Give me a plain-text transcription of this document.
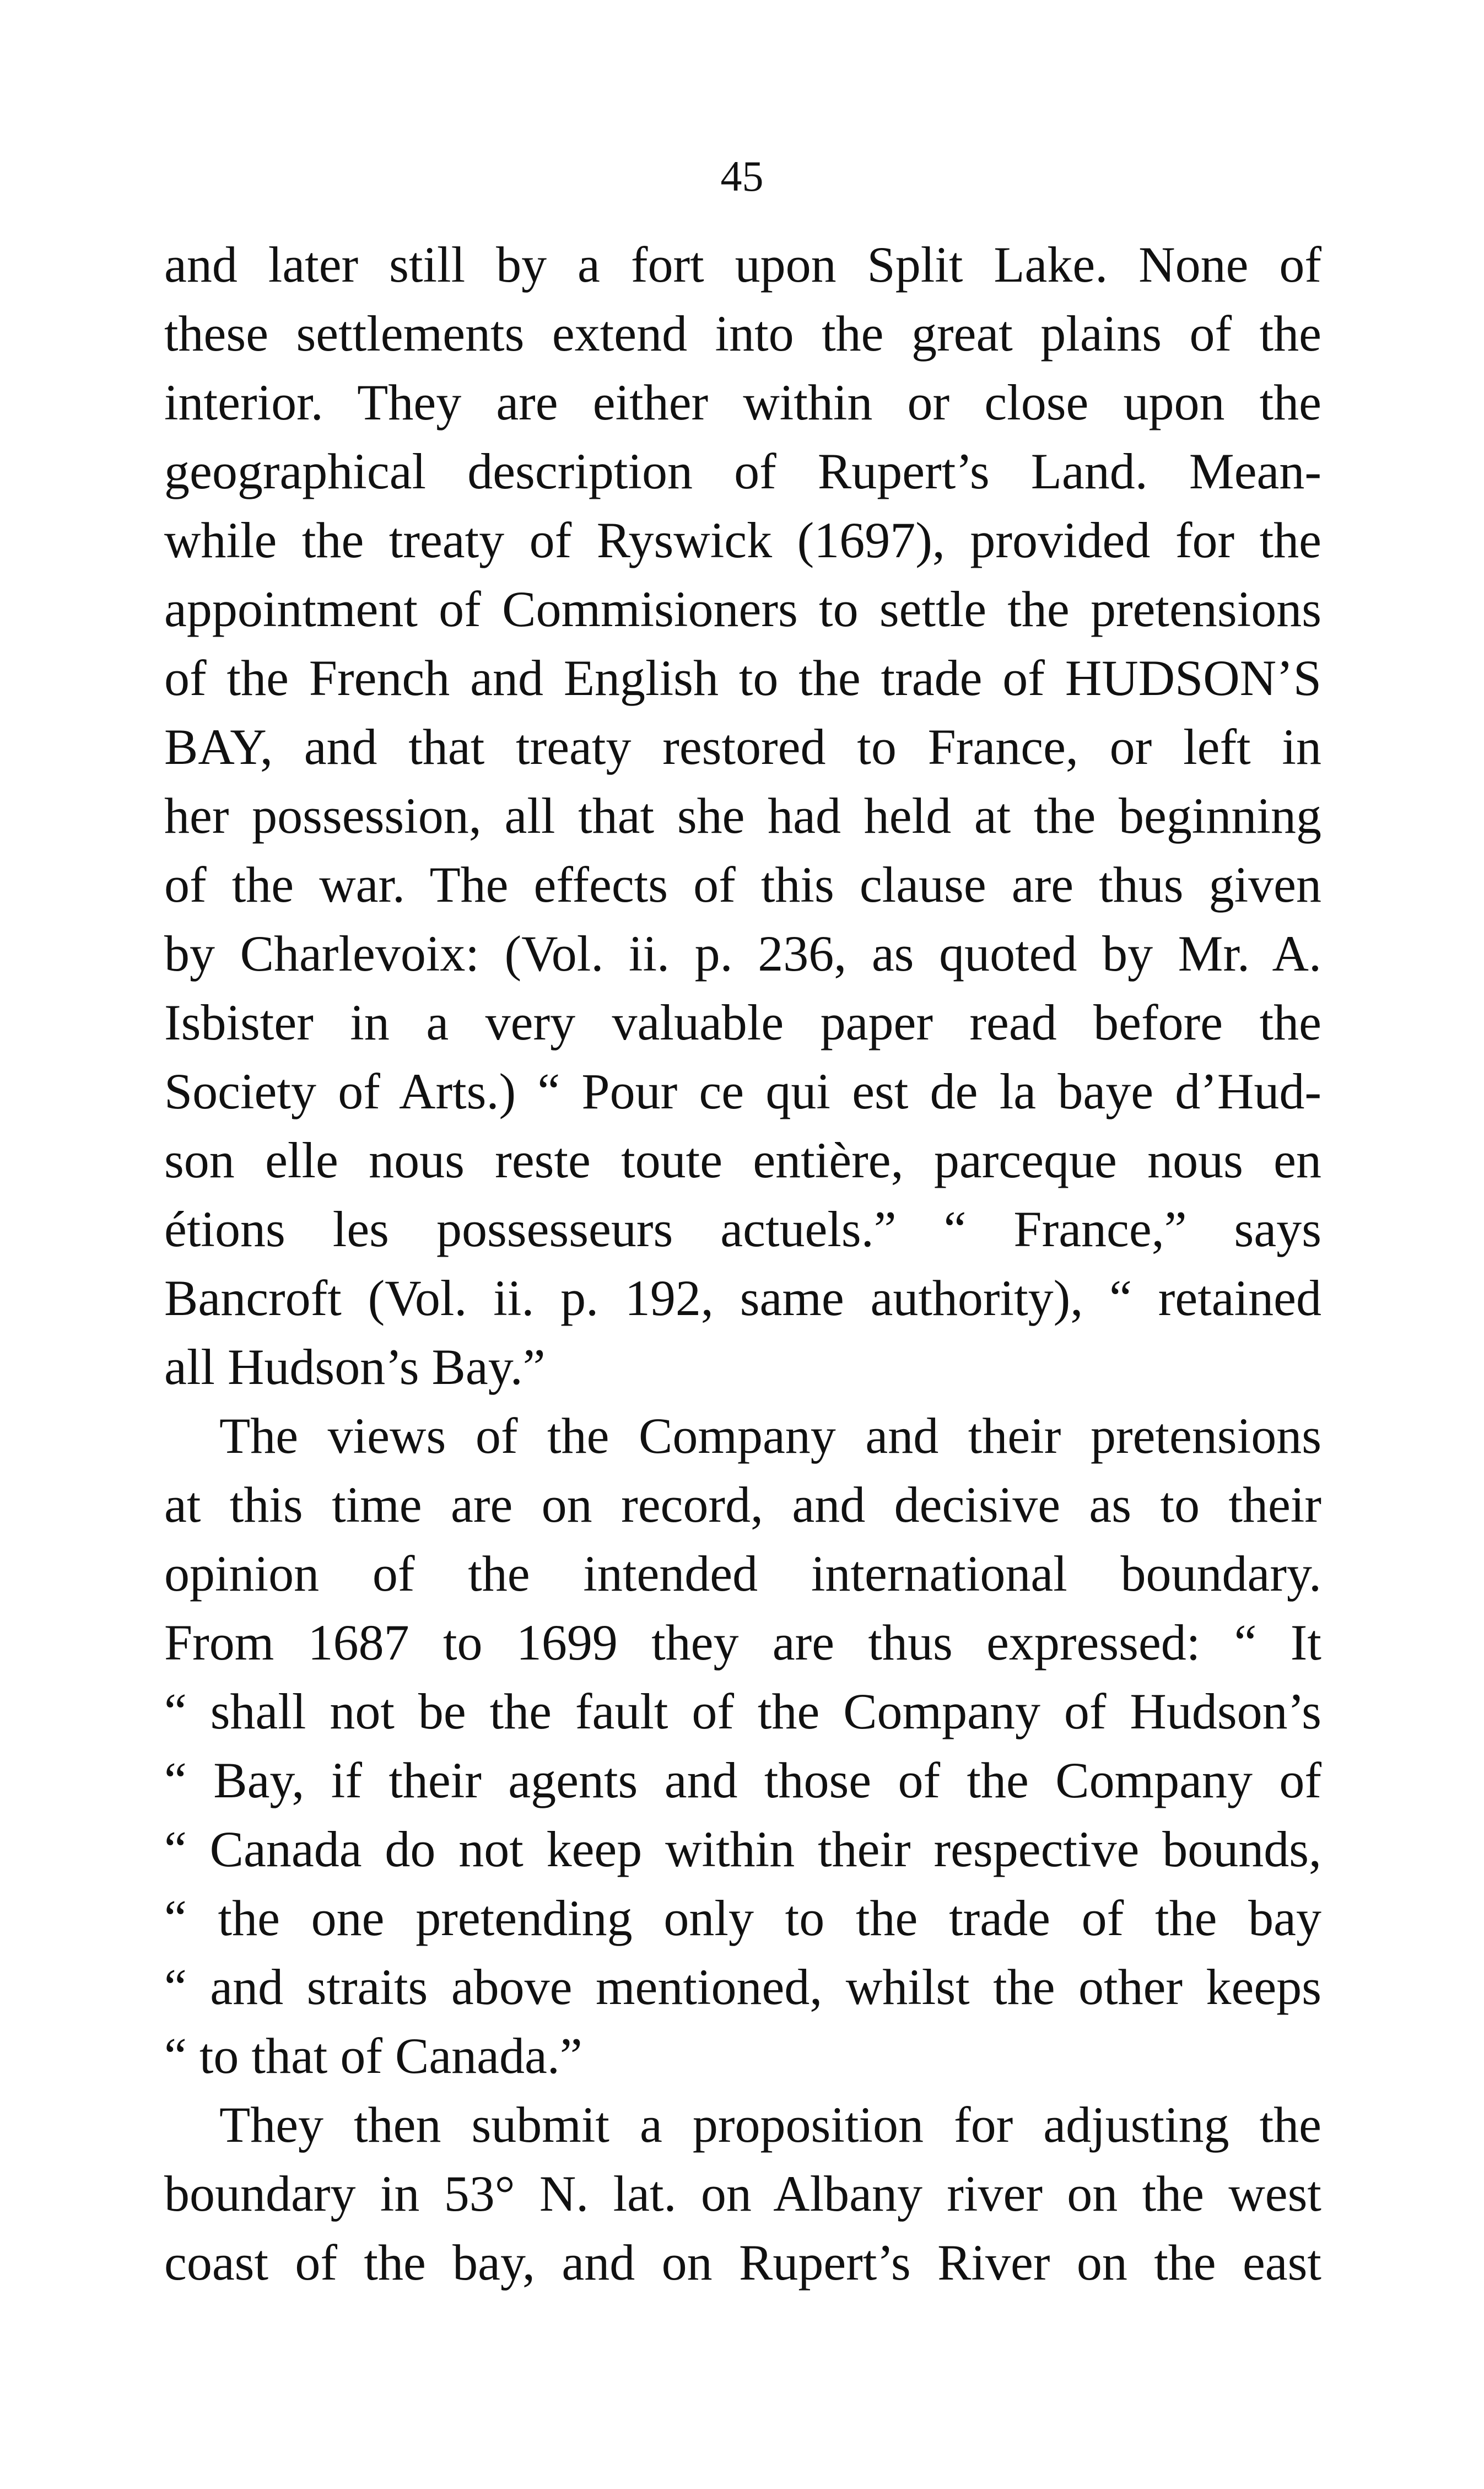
45
and later still by a fort upon Split Lake. None of
these settlements extend into the great plains of the
interior. They are either within or close upon the
geographical description of Rupert’s Land. Mean-
while the treaty of Ryswick (1697), provided for the
appointment of Commisioners to settle the pretensions
of the French and English to the trade of HUDSON’S
BAY, and that treaty restored to France, or left in
her possession, all that she had held at the beginning
of the war. The effects of this clause are thus given
by Charlevoix: (Vol. ii. p. 236, as quoted by Mr. A.
Isbister in a very valuable paper read before the
Society of Arts.) “ Pour ce qui est de la baye d’Hud-
son elle nous reste toute entière, parceque nous en
étions les possesseurs actuels.” “ France,” says
Bancroft (Vol. ii. p. 192, same authority), “ retained
all Hudson’s Bay.”
The views of the Company and their pretensions
at this time are on record, and decisive as to their
opinion of the intended international boundary.
From 1687 to 1699 they are thus expressed: “ It
“ shall not be the fault of the Company of Hudson’s
“ Bay, if their agents and those of the Company of
“ Canada do not keep within their respective bounds,
“ the one pretending only to the trade of the bay
“ and straits above mentioned, whilst the other keeps
“ to that of Canada.”
They then submit a proposition for adjusting the
boundary in 53° N. lat. on Albany river on the west
coast of the bay, and on Rupert’s River on the east
